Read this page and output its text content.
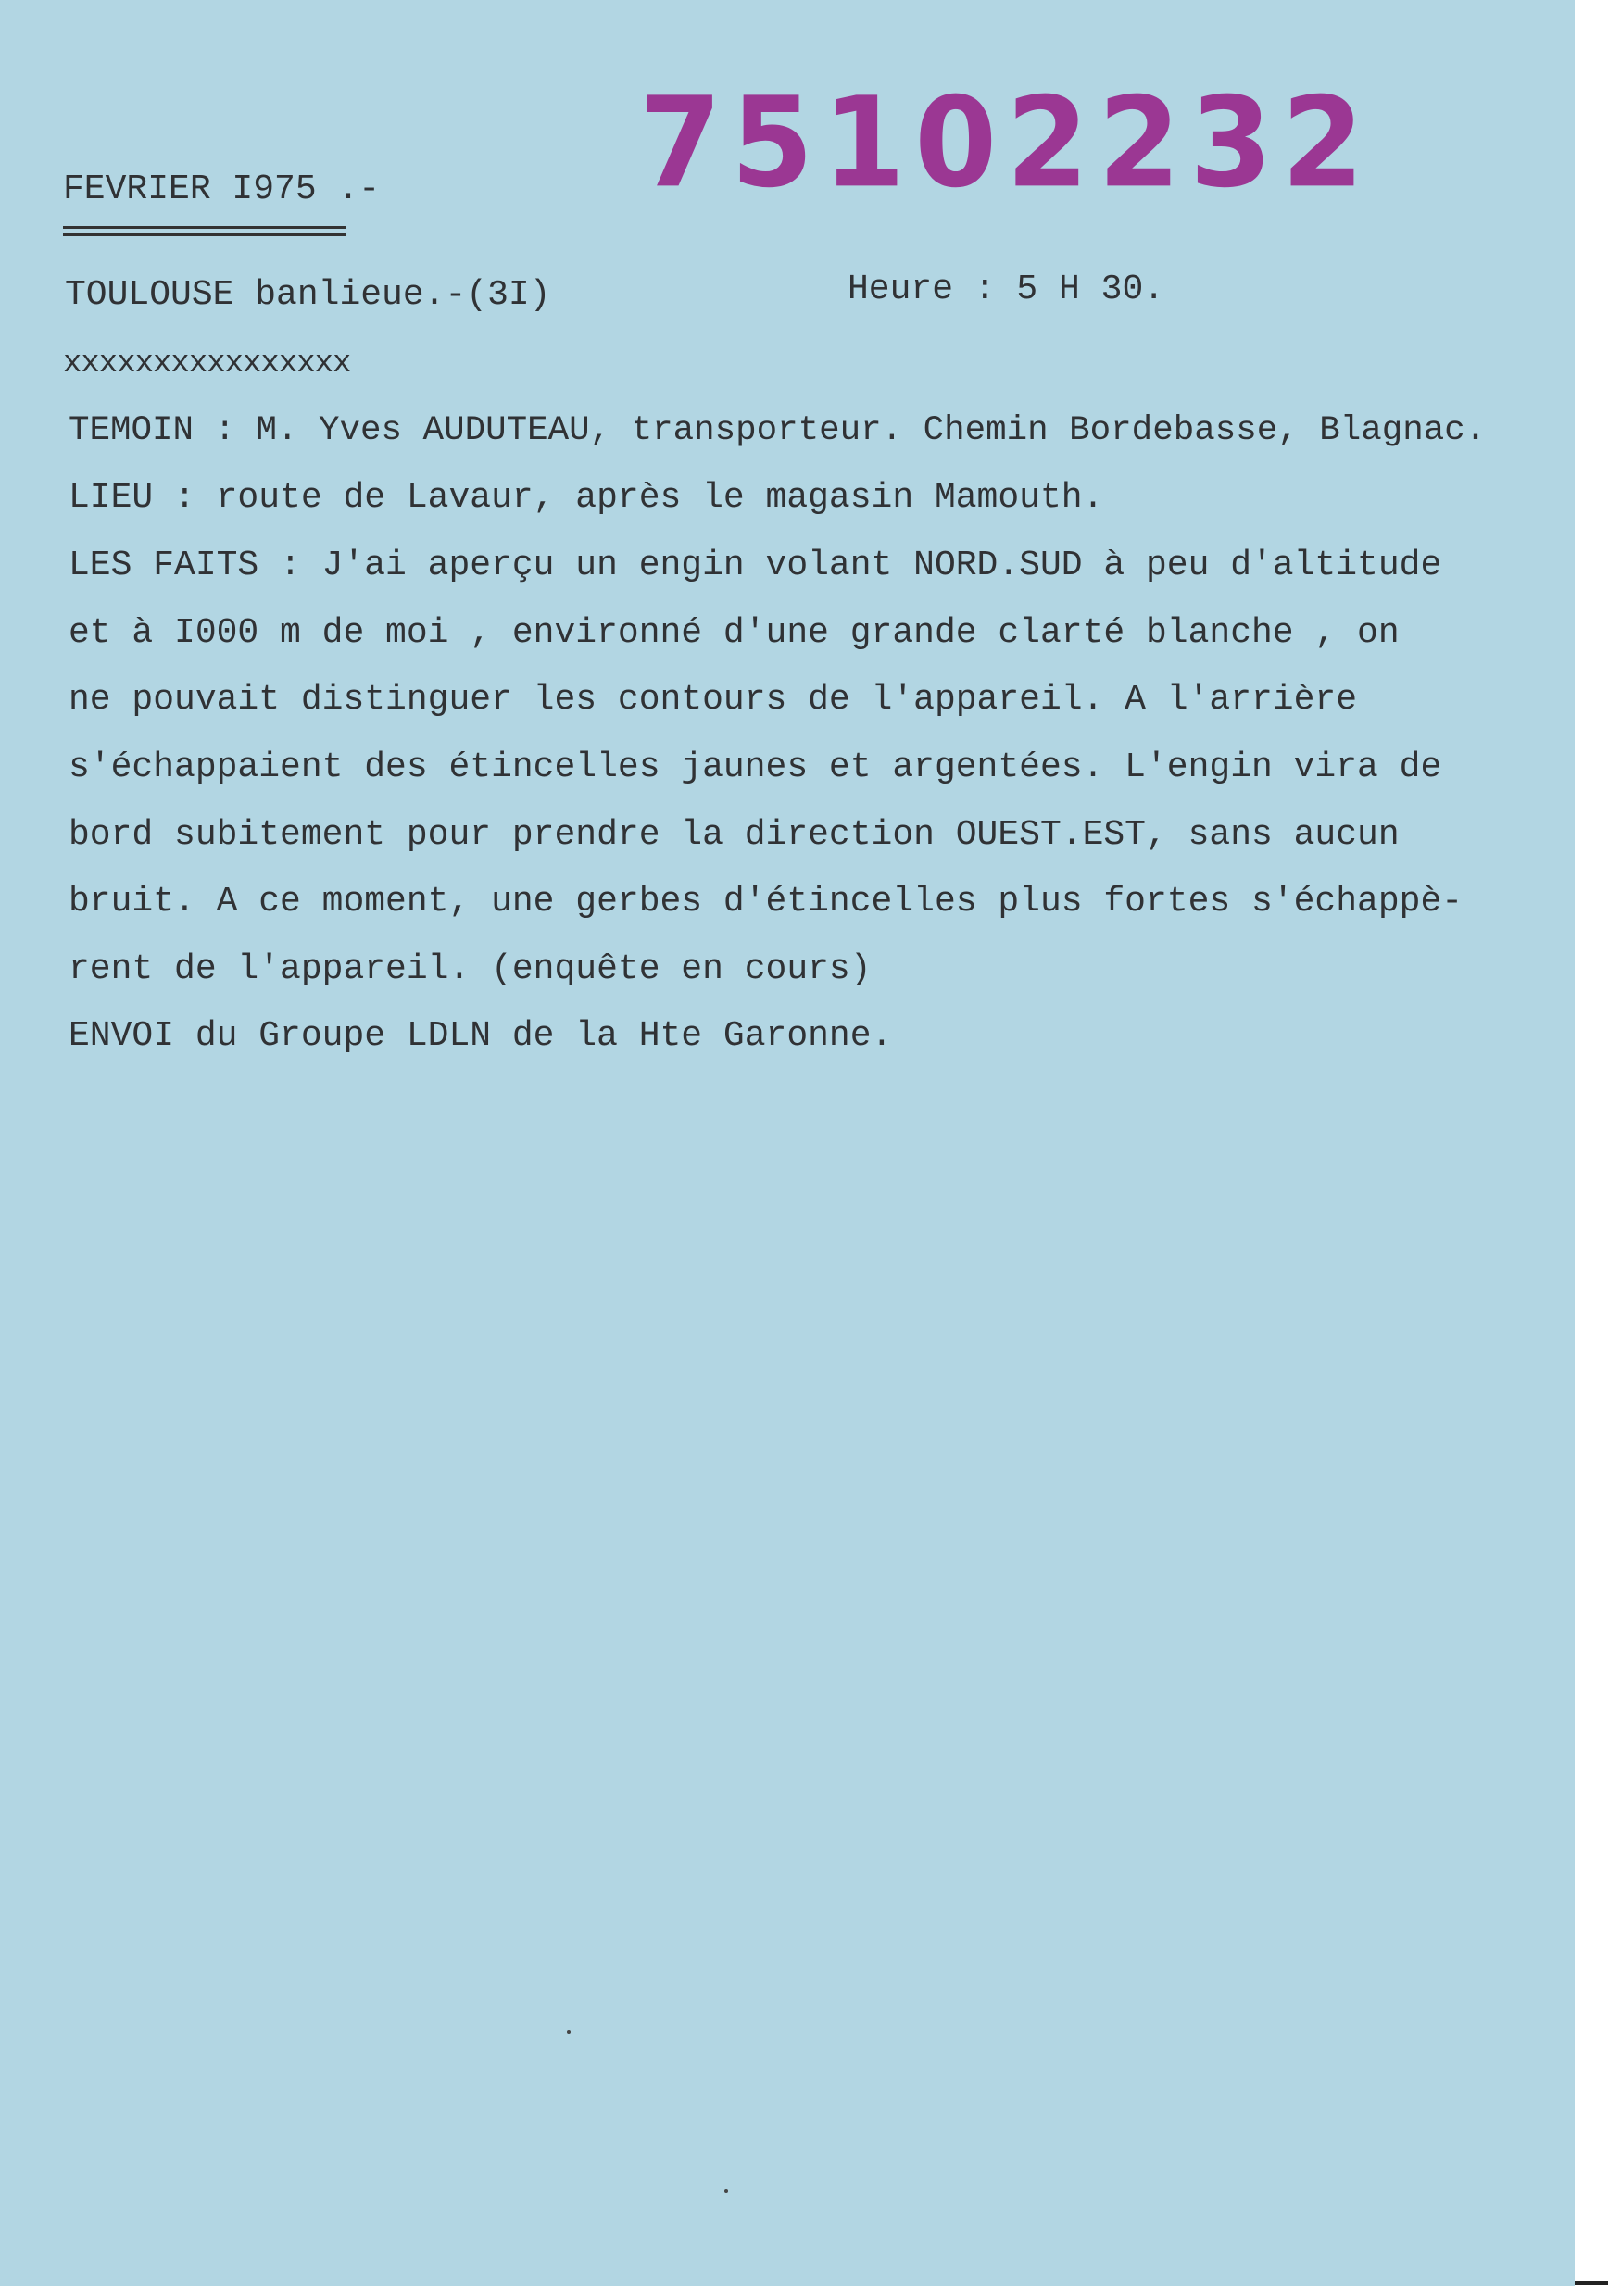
75102232
FEVRIER I975 .-
TOULOUSE banlieue.-(3I)	Heure : 5 H 30.
xxxxxxxxxxxxxxxx
TEMOIN : M. Yves AUDUTEAU, transporteur. Chemin Bordebasse, Blagnac.
LIEU : route de Lavaur, après le magasin Mamouth.
LES FAITS : J'ai aperçu un engin volant NORD.SUD à peu d'altitude
et à I000 m de moi , environné d'une grande clarté blanche , on
ne pouvait distinguer les contours de l'appareil. A l'arrière
s'échappaient des étincelles jaunes et argentées. L'engin vira de
bord subitement pour prendre la direction OUEST.EST, sans aucun
bruit. A ce moment, une gerbes d'étincelles plus fortes s'échappè-
rent de l'appareil. (enquête en cours)
ENVOI du Groupe LDLN de la Hte Garonne.
